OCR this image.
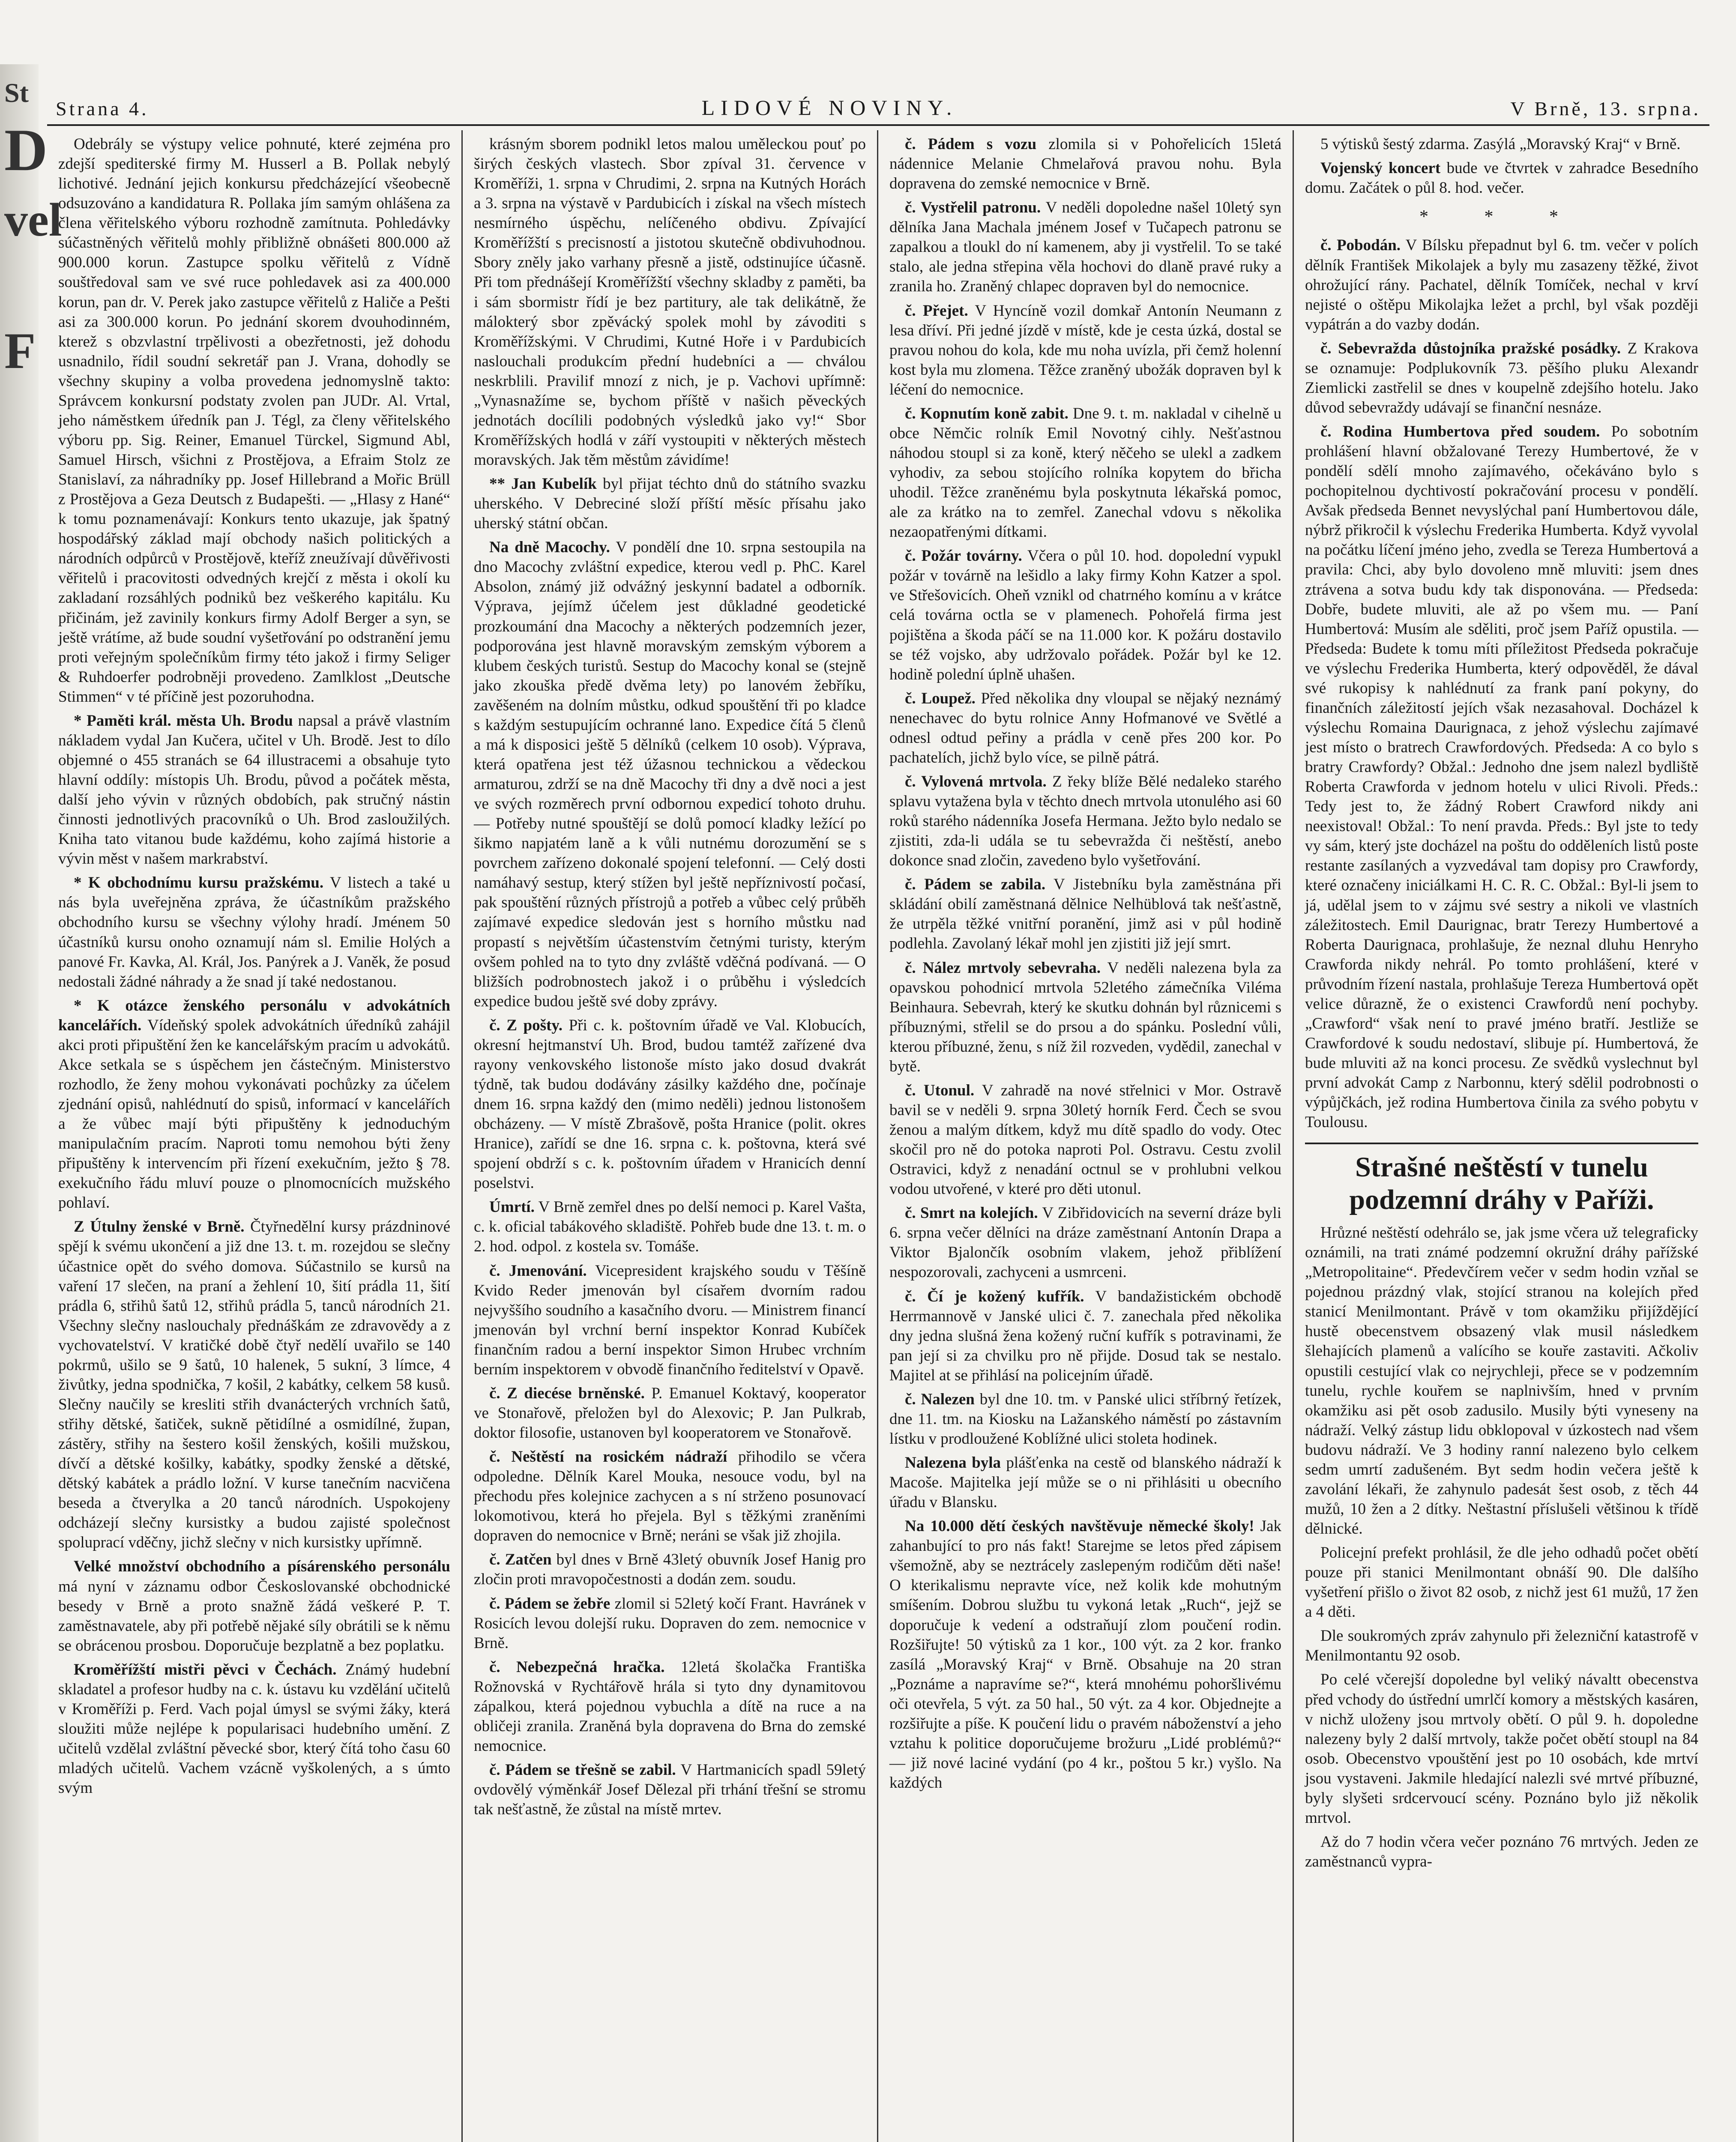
St
D
vel
F
Strana 4.	LIDOVÉ NOVINY.	V Brně, 13. srpna.

Odebrály se výstupy velice pohnuté, které zejména pro zdejší spediterské firmy M. Husserl a B. Pollak nebylý lichotivé. Jednání jejich konkursu předcházející všeobecně odsuzováno a kandidatura R. Pollaka jím samým ohlášena za člena věřitelského výboru rozhodně zamítnuta. Pohledávky súčastněných věřitelů mohly přibližně obnášeti 800.000 až 900.000 korun. Zastupce spolku věřitelů z Vídně souštředoval sam ve své ruce pohledavek asi za 400.000 korun, pan dr. V. Perek jako zastupce věřitelů z Haliče a Pešti asi za 300.000 korun. Po jednání skorem dvouhodinném, kterež s obzvlastní trpělivosti a obezřetnosti, jež dohodu usnadnilo, řídil soudní sekretář pan J. Vrana, dohodly se všechny skupiny a volba provedena jednomyslně takto: Správcem konkursní podstaty zvolen pan JUDr. Al. Vrtal, jeho náměstkem úředník pan J. Tégl, za členy věřitelského výboru pp. Sig. Reiner, Emanuel Türckel, Sigmund Abl, Samuel Hirsch, všichni z Prostějova, a Efraim Stolz ze Stanislaví, za náhradníky pp. Josef Hillebrand a Mořic Brüll z Prostějova a Geza Deutsch z Budapešti. — „Hlasy z Hané“ k tomu poznamenávají: Konkurs tento ukazuje, jak špatný hospodářský základ mají obchody našich politických a národních odpůrců v Prostějově, kteříž zneužívají důvěřivosti věřitelů i pracovitosti odvedných krejčí z města i okolí ku zakladaní rozsáhlých podniků bez veškerého kapitálu. Ku přičinám, jež zavinily konkurs firmy Adolf Berger a syn, se ještě vrátíme, až bude soudní vyšetřování po odstranění jemu proti veřejným společníkům firmy této jakož i firmy Seliger & Ruhdoerfer podrobněji provedeno. Zamlklost „Deutsche Stimmen“ v té příčině jest pozoruhodna.

* Paměti král. města Uh. Brodu napsal a právě vlastním nákladem vydal Jan Kučera, učitel v Uh. Brodě. Jest to dílo objemné o 455 stranách se 64 illustracemi a obsahuje tyto hlavní oddíly: místopis Uh. Brodu, původ a počátek města, další jeho vývin v různých obdobích, pak stručný nástin činnosti jednotlivých pracovníků o Uh. Brod zasloužilých. Kniha tato vitanou bude každému, koho zajímá historie a vývin měst v našem markrabství.

* K obchodnímu kursu pražskému. V listech a také u nás byla uveřejněna zpráva, že účastníkům pražského obchodního kursu se všechny výlohy hradí. Jménem 50 účastníků kursu onoho oznamují nám sl. Emilie Holých a panové Fr. Kavka, Al. Král, Jos. Panýrek a J. Vaněk, že posud nedostali žádné náhrady a že snad jí také nedostanou.

* K otázce ženského personálu v advokátních kancelářích. Vídeňský spolek advokátních úředníků zahájil akci proti připuštění žen ke kancelářským pracím u advokátů. Akce setkala se s úspěchem jen částečným. Ministerstvo rozhodlo, že ženy mohou vykonávati pochůzky za účelem zjednání opisů, nahlédnutí do spisů, informací v kancelářích a že vůbec mají býti připuštěny k jednoduchým manipulačním pracím. Naproti tomu nemohou býti ženy připuštěny k intervencím při řízení exekučním, ježto § 78. exekučního řádu mluví pouze o plnomocnících mužského pohlaví.

Z Útulny ženské v Brně. Čtyřnedělní kursy prázdninové spějí k svému ukončení a již dne 13. t. m. rozejdou se slečny účastnice opět do svého domova. Súčastnilo se kursů na vaření 17 slečen, na praní a žehlení 10, šití prádla 11, šití prádla 6, střihů šatů 12, střihů prádla 5, tanců národních 21. Všechny slečny naslouchaly přednáškám ze zdravovědy a z vychovatelství. V kratičké době čtyř nedělí uvařilo se 140 pokrmů, ušilo se 9 šatů, 10 halenek, 5 sukní, 3 límce, 4 živůtky, jedna spodnička, 7 košil, 2 kabátky, celkem 58 kusů. Slečny naučily se kresliti střih dvanácterých vrchních šatů, střihy dětské, šatiček, sukně pětidílné a osmidílné, župan, zástěry, střihy na šestero košil ženských, košili mužskou, dívčí a dětské košilky, kabátky, spodky ženské a dětské, dětský kabátek a prádlo ložní. V kurse tanečním nacvičena beseda a čtverylka a 20 tanců národních. Uspokojeny odcházejí slečny kursistky a budou zajisté společnost spoluprací vděčny, jichž slečny v nich kursistky upřímně.

Velké množství obchodního a písárenského personálu má nyní v záznamu odbor Českoslovanské obchodnické besedy v Brně a proto snažně žádá veškeré P. T. zaměstnavatele, aby při potřebě nějaké síly obrátili se k němu se obrácenou prosbou. Doporučuje bezplatně a bez poplatku.

Kroměřížští mistři pěvci v Čechách. Známý hudební skladatel a profesor hudby na c. k. ústavu ku vzdělání učitelů v Kroměříži p. Ferd. Vach pojal úmysl se svými žáky, která sloužiti může nejlépe k popularisaci hudebního umění. Z učitelů vzdělal zvláštní pěvecké sbor, který čítá toho času 60 mladých učitelů. Vachem vzácně vyškolených, a s úmto svým

krásným sborem podnikl letos malou uměleckou pouť po širých českých vlastech. Sbor zpíval 31. července v Kroměříži, 1. srpna v Chrudimi, 2. srpna na Kutných Horách a 3. srpna na výstavě v Pardubicích i získal na všech místech nesmírného úspěchu, nelíčeného obdivu. Zpívající Kroměřížští s precisností a jistotou skutečně obdivuhodnou. Sbory zněly jako varhany přesně a jistě, odstinujíce účasně. Při tom přednášejí Kroměřížští všechny skladby z paměti, ba i sám sbormistr řídí je bez partitury, ale tak delikátně, že málokterý sbor zpěvácký spolek mohl by závoditi s Kroměřížskými. V Chrudimi, Kutné Hoře i v Pardubicích naslouchali produkcím přední hudebníci a — chválou neskrblili. Pravilif mnozí z nich, je p. Vachovi upřímně: „Vynasnažíme se, bychom příště v našich pěveckých jednotách docílili podobných výsledků jako vy!“ Sbor Kroměřížských hodlá v září vystoupiti v některých městech moravských. Jak těm městům závidíme!

** Jan Kubelík byl přijat téchto dnů do státního svazku uherského. V Debreciné složí příští měsíc přísahu jako uherský státní občan.

Na dně Macochy. V pondělí dne 10. srpna sestoupila na dno Macochy zvláštní expedice, kterou vedl p. PhC. Karel Absolon, známý již odvážný jeskynní badatel a odborník. Výprava, jejímž účelem jest důkladné geodetické prozkoumání dna Macochy a některých podzemních jezer, podporována jest hlavně moravským zemským výborem a klubem českých turistů. Sestup do Macochy konal se (stejně jako zkouška předě dvěma lety) po lanovém žebříku, zavěšeném na dolním můstku, odkud spouštění tři po kladce s každým sestupujícím ochranné lano. Expedice čítá 5 členů a má k disposici ještě 5 dělníků (celkem 10 osob). Výprava, která opatřena jest též úžasnou technickou a vědeckou armaturou, zdrží se na dně Macochy tři dny a dvě noci a jest ve svých rozměrech první odbornou expedicí tohoto druhu. — Potřeby nutné spouštějí se dolů pomocí kladky ležící po šikmo napjatém laně a k vůli nutnému dorozumění se s povrchem zařízeno dokonalé spojení telefonní. — Celý dosti namáhavý sestup, který stížen byl ještě nepříznivostí počasí, pak spouštění různých přístrojů a potřeb a vůbec celý průběh zajímavé expedice sledován jest s horního můstku nad propastí s největším účastenstvím četnými turisty, kterým ovšem pohled na to tyto dny zvláště vděčná podívaná. — O bližších podrobnostech jakož i o průběhu i výsledcích expedice budou ještě své doby zprávy.

č. Z pošty. Při c. k. poštovním úřadě ve Val. Klobucích, okresní hejtmanství Uh. Brod, budou tamtéž zařízené dva rayony venkovského listonoše místo jako dosud dvakrát týdně, tak budou dodávány zásilky každého dne, počínaje dnem 16. srpna každý den (mimo neděli) jednou listonošem obcházeny. — V místě Zbrašově, pošta Hranice (polit. okres Hranice), zařídí se dne 16. srpna c. k. poštovna, která své spojení obdrží s c. k. poštovním úřadem v Hranicích denní poselstvi.

Úmrtí. V Brně zemřel dnes po delší nemoci p. Karel Vašta, c. k. oficial tabákového skladiště. Pohřeb bude dne 13. t. m. o 2. hod. odpol. z kostela sv. Tomáše.

č. Jmenování. Vicepresident krajského soudu v Těšíně Kvido Reder jmenován byl císařem dvorním radou nejvyššího soudního a kasačního dvoru. — Ministrem financí jmenován byl vrchní berní inspektor Konrad Kubíček finančním radou a berní inspektor Simon Hrubec vrchním berním inspektorem v obvodě finančního ředitelství v Opavě.

č. Z diecése brněnské. P. Emanuel Koktavý, kooperator ve Stonařově, přeložen byl do Alexovic; P. Jan Pulkrab, doktor filosofie, ustanoven byl kooperatorem ve Stonařově.

č. Neštěstí na rosickém nádraží přihodilo se včera odpoledne. Dělník Karel Mouka, nesouce vodu, byl na přechodu přes kolejnice zachycen a s ní strženo posunovací lokomotivou, která ho přejela. Byl s těžkými zraněními dopraven do nemocnice v Brně; neráni se však již zhojila.

č. Zatčen byl dnes v Brně 43letý obuvník Josef Hanig pro zločin proti mravopočestnosti a dodán zem. soudu.

č. Pádem se žebře zlomil si 52letý kočí Frant. Havránek v Rosicích levou dolejší ruku. Dopraven do zem. nemocnice v Brně.

č. Nebezpečná hračka. 12letá školačka Františka Rožnovská v Rychtářově hrála si tyto dny dynamitovou zápalkou, která pojednou vybuchla a dítě na ruce a na obličeji zranila. Zraněná byla dopravena do Brna do zemské nemocnice.

č. Pádem se třešně se zabil. V Hartmanicích spadl 59letý ovdovělý výměnkář Josef Dělezal při trhání třešní se stromu tak nešťastně, že zůstal na místě mrtev.

č. Pádem s vozu zlomila si v Pohořelicích 15letá nádennice Melanie Chmelařová pravou nohu. Byla dopravena do zemské nemocnice v Brně.

č. Vystřelil patronu. V neděli dopoledne našel 10letý syn dělníka Jana Machala jménem Josef v Tučapech patronu se zapalkou a tloukl do ní kamenem, aby ji vystřelil. To se také stalo, ale jedna střepina věla hochovi do dlaně pravé ruky a zranila ho. Zraněný chlapec dopraven byl do nemocnice.

č. Přejet. V Hyncíně vozil domkař Antonín Neumann z lesa dříví. Při jedné jízdě v místě, kde je cesta úzká, dostal se pravou nohou do kola, kde mu noha uvízla, při čemž holenní kost byla mu zlomena. Těžce zraněný ubožák dopraven byl k léčení do nemocnice.

č. Kopnutím koně zabit. Dne 9. t. m. nakladal v cihelně u obce Němčic rolník Emil Novotný cihly. Nešťastnou náhodou stoupl si za koně, který něčeho se ulekl a zadkem vyhodiv, za sebou stojícího rolníka kopytem do břicha uhodil. Těžce zraněnému byla poskytnuta lékařská pomoc, ale za krátko na to zemřel. Zanechal vdovu s několika nezaopatřenými dítkami.

č. Požár továrny. Včera o půl 10. hod. dopolední vypukl požár v továrně na lešidlo a laky firmy Kohn Katzer a spol. ve Střešovicích. Oheň vznikl od chatrného komínu a v krátce celá továrna octla se v plamenech. Pohořelá firma jest pojištěna a škoda páčí se na 11.000 kor. K požáru dostavilo se též vojsko, aby udržovalo pořádek. Požár byl ke 12. hodině polední úplně uhašen.

č. Loupež. Před několika dny vloupal se nějaký neznámý nenechavec do bytu rolnice Anny Hofmanové ve Světlé a odnesl odtud peřiny a prádla v ceně přes 200 kor. Po pachatelích, jichž bylo více, se pilně pátrá.

č. Vylovená mrtvola. Z řeky blíže Bělé nedaleko starého splavu vytažena byla v těchto dnech mrtvola utonulého asi 60 roků starého nádenníka Josefa Hermana. Ježto bylo nedalo se zjistiti, zda-li udála se tu sebevražda či neštěstí, anebo dokonce snad zločin, zavedeno bylo vyšetřování.

č. Pádem se zabila. V Jistebníku byla zaměstnána při skládání obilí zaměstnaná dělnice Nelhüblová tak nešťastně, že utrpěla těžké vnitřní poranění, jimž asi v půl hodině podlehla. Zavolaný lékař mohl jen zjistiti již její smrt.

č. Nález mrtvoly sebevraha. V neděli nalezena byla za opavskou pohodnicí mrtvola 52letého zámečníka Viléma Beinhaura. Sebevrah, který ke skutku dohnán byl různicemi s příbuznými, střelil se do prsou a do spánku. Poslední vůli, kterou příbuzné, ženu, s níž žil rozveden, vydědil, zanechal v bytě.

č. Utonul. V zahradě na nové střelnici v Mor. Ostravě bavil se v neděli 9. srpna 30letý horník Ferd. Čech se svou ženou a malým dítkem, když mu dítě spadlo do vody. Otec skočil pro ně do potoka naproti Pol. Ostravu. Cestu zvolil Ostravici, když z nenadání octnul se v prohlubni velkou vodou utvořené, v které pro děti utonul.

č. Smrt na kolejích. V Zibřidovicích na severní dráze byli 6. srpna večer dělníci na dráze zaměstnaní Antonín Drapa a Viktor Bjalončík osobním vlakem, jehož přiblížení nespozorovali, zachyceni a usmrceni.

č. Čí je kožený kufřík. V bandažistickém obchodě Herrmannově v Janské ulici č. 7. zanechala před několika dny jedna slušná žena kožený ruční kufřík s potravinami, že pan její si za chvilku pro ně přijde. Dosud tak se nestalo. Majitel at se přihlásí na policejním úřadě.

č. Nalezen byl dne 10. tm. v Panské ulici stříbrný řetízek, dne 11. tm. na Kiosku na Lažanského náměstí po zástavním lístku v prodloužené Koblížné ulici stoleta hodinek.

Nalezena byla plášťenka na cestě od blanského nádraží k Macoše. Majitelka její může se o ni přihlásiti u obecního úřadu v Blansku.

Na 10.000 dětí českých navštěvuje německé školy! Jak zahanbující to pro nás fakt! Starejme se letos před zápisem všemožně, aby se neztrácely zaslepeným rodičům děti naše! O kterikalismu nepravte více, než kolik kde mohutným smíšením. Dobrou službu tu vykoná letak „Ruch“, jejž se doporučuje k vedení a odstraňují zlom poučení rodin. Rozšiřujte! 50 výtisků za 1 kor., 100 výt. za 2 kor. franko zasílá „Moravský Kraj“ v Brně. Obsahuje na 20 stran „Poznáme a napravíme se?“, která mnohému pohoršlivému oči otevřela, 5 výt. za 50 hal., 50 výt. za 4 kor. Objednejte a rozšiřujte a píše. K poučení lidu o pravém náboženství a jeho vztahu k politice doporučujeme brožuru „Lidé problémů?“ — již nové laciné vydání (po 4 kr., poštou 5 kr.) vyšlo. Na každých

5 výtisků šestý zdarma. Zasýlá „Moravský Kraj“ v Brně.

Vojenský koncert bude ve čtvrtek v zahradce Besedního domu. Začátek o půl 8. hod. večer.

* * *

č. Pobodán. V Bílsku přepadnut byl 6. tm. večer v polích dělník František Mikolajek a byly mu zasazeny těžké, život ohrožující rány. Pachatel, dělník Tomíček, nechal v krví nejisté o oštěpu Mikolajka ležet a prchl, byl však později vypátrán a do vazby dodán.

č. Sebevražda důstojníka pražské posádky. Z Krakova se oznamuje: Podplukovník 73. pěšího pluku Alexandr Ziemlicki zastřelil se dnes v koupelně zdejšího hotelu. Jako důvod sebevraždy udávají se finanční nesnáze.

č. Rodina Humbertova před soudem. Po sobotním prohlášení hlavní obžalované Terezy Humbertové, že v pondělí sdělí mnoho zajímavého, očekáváno bylo s pochopitelnou dychtivostí pokračování procesu v pondělí. Avšak předseda Bennet nevyslýchal paní Humbertovou dále, nýbrž přikročil k výslechu Frederika Humberta. Když vyvolal na počátku líčení jméno jeho, zvedla se Tereza Humbertová a pravila: Chci, aby bylo dovoleno mně mluviti: jsem dnes ztrávena a sotva budu kdy tak disponována. — Předseda: Dobře, budete mluviti, ale až po všem mu. — Paní Humbertová: Musím ale sděliti, proč jsem Paříž opustila. — Předseda: Budete k tomu míti příležitost Předseda pokračuje ve výslechu Frederika Humberta, který odpověděl, že dával své rukopisy k nahlédnutí za frank paní pokyny, do finančních záležitostí jejích však nezasahoval. Docházel k výslechu Romaina Daurignaca, z jehož výslechu zajímavé jest místo o bratrech Crawfordových. Předseda: A co bylo s bratry Crawfordy? Obžal.: Jednoho dne jsem nalezl bydliště Roberta Crawforda v jednom hotelu v ulici Rivoli. Předs.: Tedy jest to, že žádný Robert Crawford nikdy ani neexistoval! Obžal.: To není pravda. Předs.: Byl jste to tedy vy sám, který jste docházel na poštu do odděleních listů poste restante zasílaných a vyzvedával tam dopisy pro Crawfordy, které označeny iniciálkami H. C. R. C. Obžal.: Byl-li jsem to já, udělal jsem to v zájmu své sestry a nikoli ve vlastních záležitostech. Emil Daurignac, bratr Terezy Humbertové a Roberta Daurignaca, prohlašuje, že neznal dluhu Henryho Crawforda nikdy nehrál. Po tomto prohlášení, které v průvodním řízení nastala, prohlašuje Tereza Humbertová opět velice důrazně, že o existenci Crawfordů není pochyby. „Crawford“ však není to pravé jméno bratří. Jestliže se Crawfordové k soudu nedostaví, slibuje pí. Humbertová, že bude mluviti až na konci procesu. Ze svědků vyslechnut byl první advokát Camp z Narbonnu, který sdělil podrobnosti o výpůjčkách, jež rodina Humbertova činila za svého pobytu v Toulousu.

Strašné neštěstí v tunelu podzemní dráhy v Paříži.

Hrůzné neštěstí odehrálo se, jak jsme včera už telegraficky oznámili, na trati známé podzemní okružní dráhy pařížské „Metropolitaine“. Předevčírem večer v sedm hodin vzňal se pojednou prázdný vlak, stojící stranou na kolejích před stanicí Menilmontant. Právě v tom okamžiku přijíždějící hustě obecenstvem obsazený vlak musil následkem šlehajících plamenů a valícího se kouře zastaviti. Ačkoliv opustili cestující vlak co nejrychleji, přece se v podzemním tunelu, rychle kouřem se naplnivším, hned v prvním okamžiku asi pět osob zadusilo. Musily býti vyneseny na nádraží. Velký zástup lidu obklopoval v úzkostech nad všem budovu nádraží. Ve 3 hodiny ranní nalezeno bylo celkem sedm umrtí zadušeném. Byt sedm hodin večera ještě k zavolání lékaři, že zahynulo padesát šest osob, z těch 44 mužů, 10 žen a 2 dítky. Neštastní příslušeli většinou k třídě dělnické.

Policejní prefekt prohlásil, že dle jeho odhadů počet obětí pouze při stanici Menilmontant obnáší 90. Dle dalšího vyšetření přišlo o život 82 osob, z nichž jest 61 mužů, 17 žen a 4 děti.

Dle soukromých zpráv zahynulo při železniční katastrofě v Menilmontantu 92 osob.

Po celé včerejší dopoledne byl veliký návaltt obecenstva před vchody do ústřední umrlčí komory a městských kasáren, v nichž uloženy jsou mrtvoly obětí. O půl 9. h. dopoledne nalezeny byly 2 další mrtvoly, takže počet obětí stoupl na 84 osob. Obecenstvo vpouštění jest po 10 osobách, kde mrtví jsou vystaveni. Jakmile hledající nalezli své mrtvé příbuzné, byly slyšeti srdcervoucí scény. Poznáno bylo již několik mrtvol.

Až do 7 hodin včera večer poznáno 76 mrtvých. Jeden ze zaměstnanců vypra-
